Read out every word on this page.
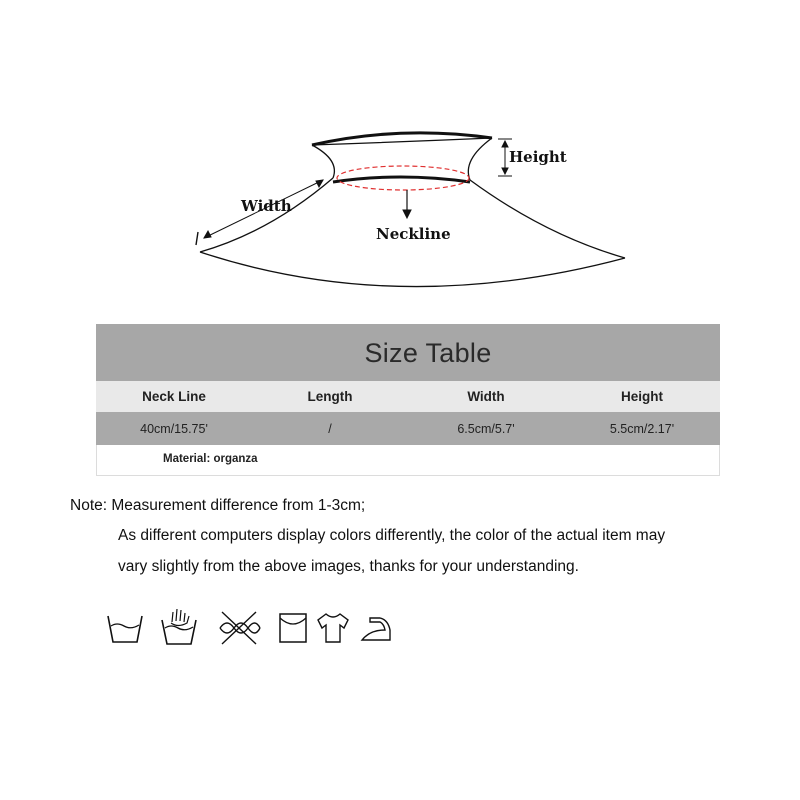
Height
Width
Neckline
Size Table
Neck Line	Length	Width	Height
40cm/15.75'	/	6.5cm/5.7'	5.5cm/2.17'
Material: organza
Note: Measurement difference from 1-3cm;
As different computers display colors differently, the color of the actual item may
vary slightly from the above images, thanks for your understanding.
